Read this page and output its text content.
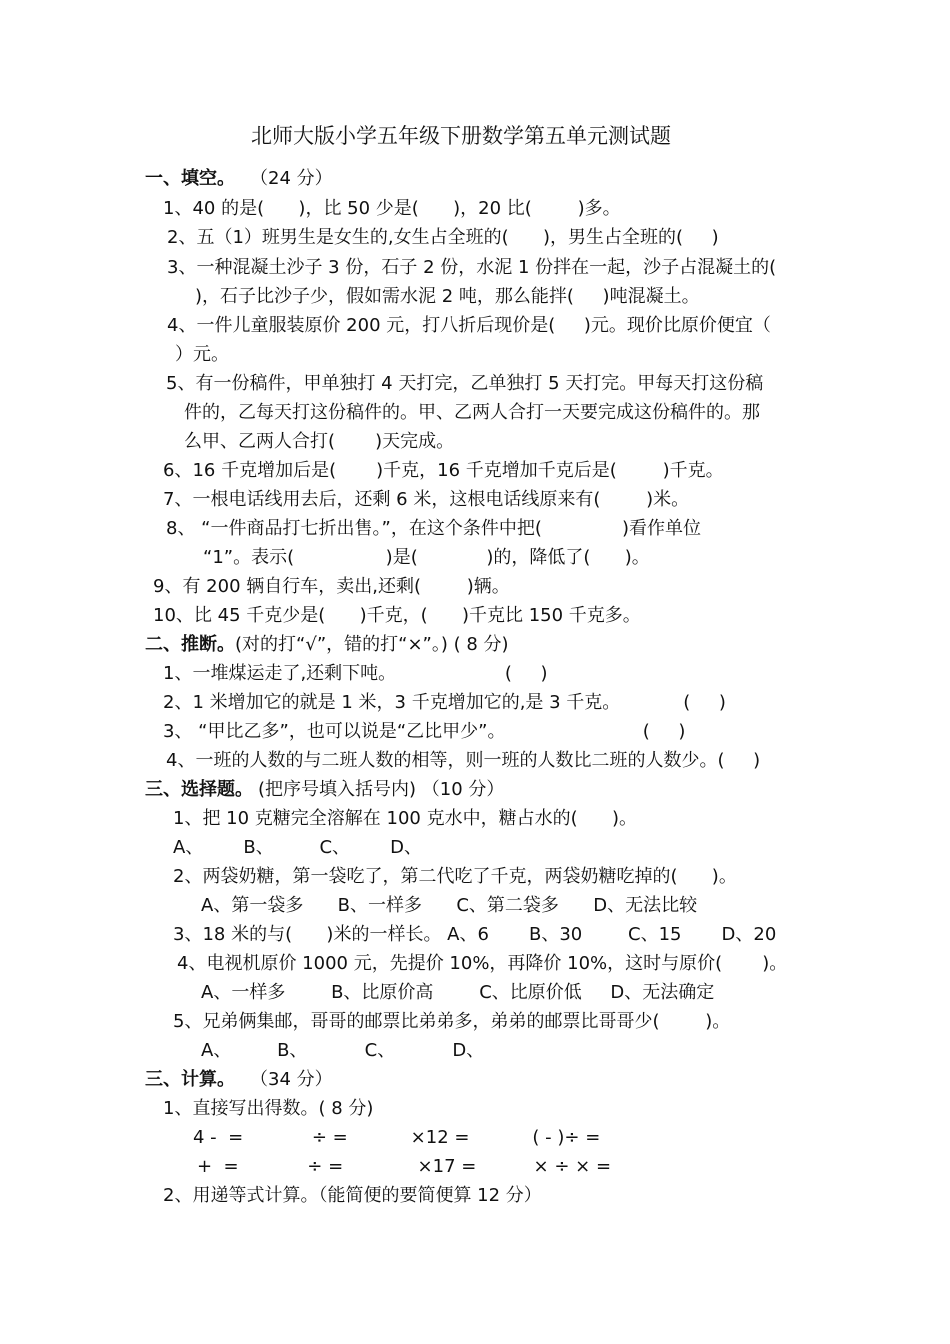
北师大版小学五年级下册数学第五单元测试题
一、填空。 （24 分）
1、40 的是(      )，比 50 少是(      )，20 比(        )多。
2、五（1）班男生是女生的,女生占全班的(      )，男生占全班的(     )
3、一种混凝土沙子 3 份，石子 2 份，水泥 1 份拌在一起，沙子占混凝土的(
)，石子比沙子少，假如需水泥 2 吨，那么能拌(     )吨混凝土。
4、一件儿童服装原价 200 元，打八折后现价是(     )元。现价比原价便宜（
）元。
5、有一份稿件，甲单独打 4 天打完，乙单独打 5 天打完。甲每天打这份稿
件的，乙每天打这份稿件的。甲、乙两人合打一天要完成这份稿件的。那
么甲、乙两人合打(       )天完成。
6、16 千克增加后是(       )千克，16 千克增加千克后是(        )千克。
7、一根电话线用去后，还剩 6 米，这根电话线原来有(        )米。
8、 “一件商品打七折出售。”，在这个条件中把(              )看作单位
“1”。表示(                )是(            )的，降低了(      )。
9、有 200 辆自行车，卖出,还剩(        )辆。
10、比 45 千克少是(      )千克，(      )千克比 150 千克多。
二、推断。 (对的打“√”，错的打“×”。) ( 8 分)
1、一堆煤运走了,还剩下吨。                   (     )
2、1 米增加它的就是 1 米，3 千克增加它的,是 3 千克。           (     )
3、 “甲比乙多”，也可以说是“乙比甲少”。                        (     )
4、一班的人数的与二班人数的相等，则一班的人数比二班的人数少。(     )
三、选择题。 (把序号填入括号内) （10 分）
1、把 10 克糖完全溶解在 100 克水中，糖占水的(      )。
A、       B、        C、       D、
2、两袋奶糖，第一袋吃了，第二代吃了千克，两袋奶糖吃掉的(      )。
A、第一袋多      B、一样多      C、第二袋多      D、无法比较
3、18 米的与(      )米的一样长。 A、6       B、30        C、15       D、20
4、电视机原价 1000 元，先提价 10%，再降价 10%，这时与原价(       )。
A、一样多        B、比原价高        C、比原价低     D、无法确定
5、兄弟俩集邮，哥哥的邮票比弟弟多，弟弟的邮票比哥哥少(        )。
A、        B、          C、          D、
三、计算。 （34 分）
1、直接写出得数。( 8 分)
4 -  =            ÷ =           ×12 =           ( - )÷ =
+  =            ÷ =             ×17 =          × ÷ × =
2、用递等式计算。（能简便的要简便算 12 分）
